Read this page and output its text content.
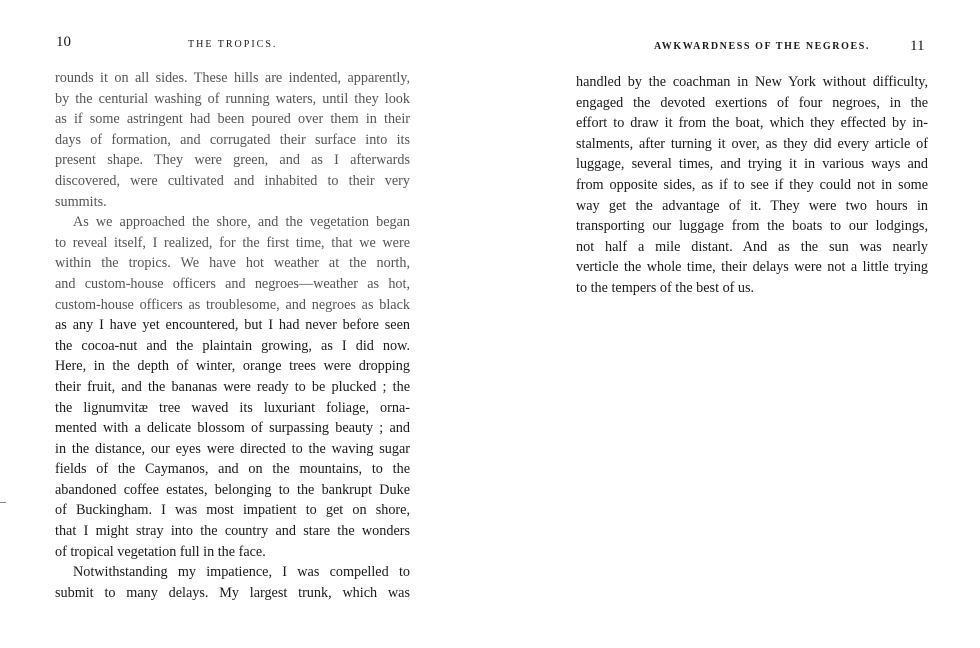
10	THE TROPICS.
rounds it on all sides. These hills are indented, apparently,
by the centurial washing of running waters, until they look
as if some astringent had been poured over them in their
days of formation, and corrugated their surface into its
present shape. They were green, and as I afterwards
discovered, were cultivated and inhabited to their very
summits.
As we approached the shore, and the vegetation began
to reveal itself, I realized, for the first time, that we were
within the tropics. We have hot weather at the north,
and custom-house officers and negroes—weather as hot,
custom-house officers as troublesome, and negroes as black
as any I have yet encountered, but I had never before seen
the cocoa-nut and the plaintain growing, as I did now.
Here, in the depth of winter, orange trees were dropping
their fruit, and the bananas were ready to be plucked ; the
the lignumvitæ tree waved its luxuriant foliage, orna-
mented with a delicate blossom of surpassing beauty ; and
in the distance, our eyes were directed to the waving sugar
fields of the Caymanos, and on the mountains, to the
abandoned coffee estates, belonging to the bankrupt Duke
of Buckingham. I was most impatient to get on shore,
that I might stray into the country and stare the wonders
of tropical vegetation full in the face.
Notwithstanding my impatience, I was compelled to
submit to many delays. My largest trunk, which was
AWKWARDNESS OF THE NEGROES.	11
handled by the coachman in New York without difficulty,
engaged the devoted exertions of four negroes, in the
effort to draw it from the boat, which they effected by in-
stalments, after turning it over, as they did every article of
luggage, several times, and trying it in various ways and
from opposite sides, as if to see if they could not in some
way get the advantage of it. They were two hours in
transporting our luggage from the boats to our lodgings,
not half a mile distant. And as the sun was nearly
verticle the whole time, their delays were not a little trying
to the tempers of the best of us.
